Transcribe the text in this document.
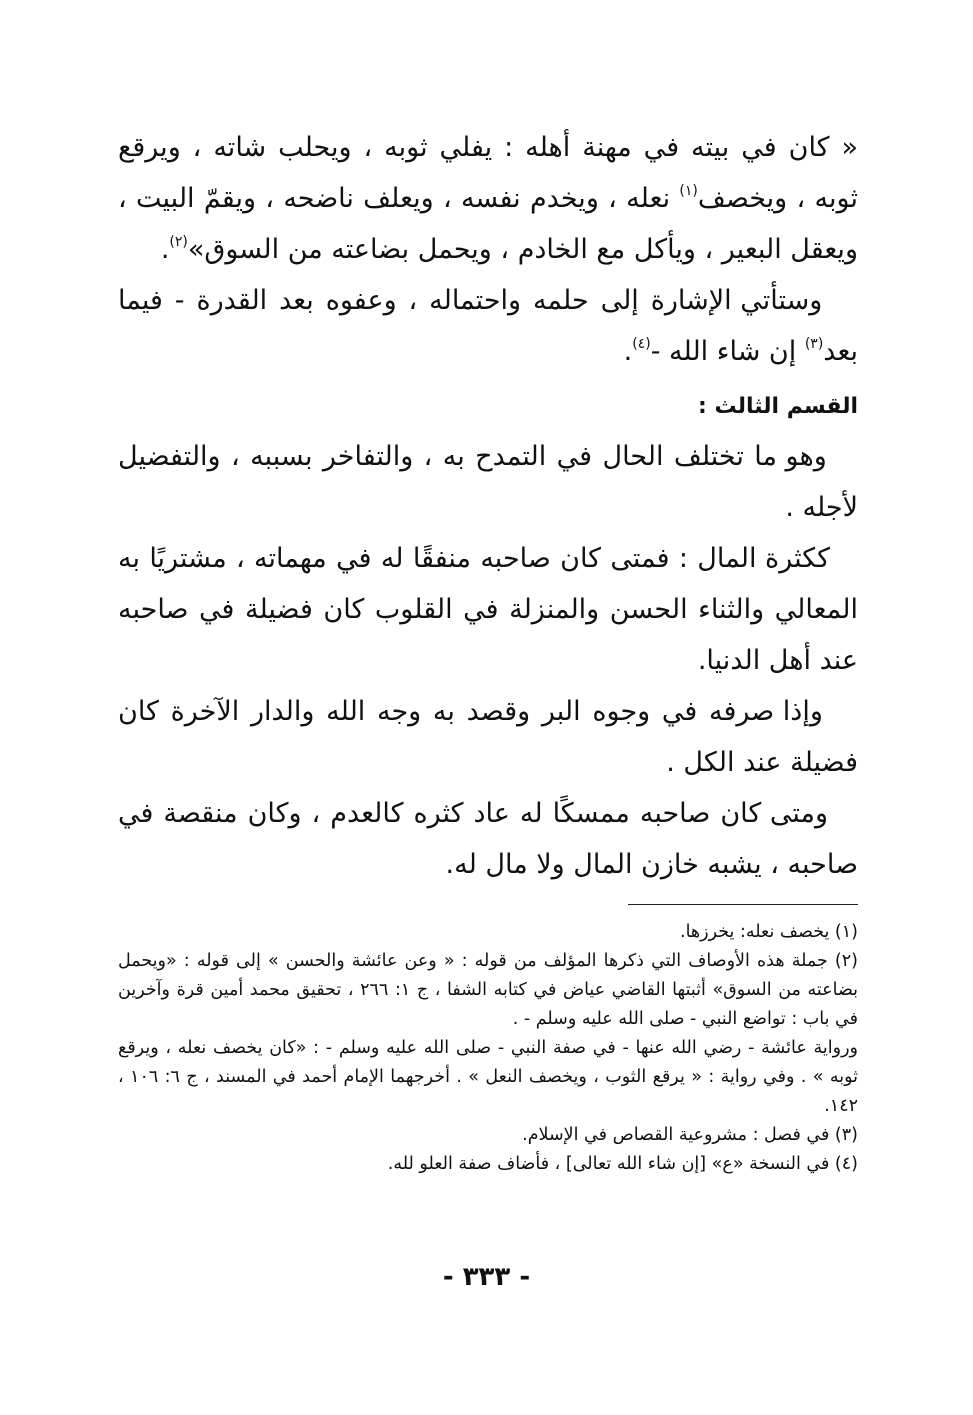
« كان في بيته في مهنة أهله : يفلي ثوبه ، ويحلب شاته ، ويرقع ثوبه ، ويخصف$^{(١)}$ نعله ، ويخدم نفسه ، ويعلف ناضحه ، ويقمّ البيت ، ويعقل البعير ، ويأكل مع الخادم ، ويحمل بضاعته من السوق»$^{(٢)}$.

وستأتي الإشارة إلى حلمه واحتماله ، وعفوه بعد القدرة - فيما بعد$^{(٣)}$ إن شاء الله -$^{(٤)}$.

القسم الثالث :

وهو ما تختلف الحال في التمدح به ، والتفاخر بسببه ، والتفضيل لأجله .

ككثرة المال : فمتى كان صاحبه منفقًا له في مهماته ، مشتريًا به المعالي والثناء الحسن والمنزلة في القلوب كان فضيلة في صاحبه عند أهل الدنيا.

وإذا صرفه في وجوه البر وقصد به وجه الله والدار الآخرة كان فضيلة عند الكل .

ومتى كان صاحبه ممسكًا له عاد كثره كالعدم ، وكان منقصة في صاحبه ، يشبه خازن المال ولا مال له.

(١) يخصف نعله: يخرزها.

(٢) جملة هذه الأوصاف التي ذكرها المؤلف من قوله : « وعن عائشة والحسن » إلى قوله : «ويحمل بضاعته من السوق» أثبتها القاضي عياض في كتابه الشفا ، ج ١: ٢٦٦ ، تحقيق محمد أمين قرة وآخرين في باب : تواضع النبي - صلى الله عليه وسلم - .

ورواية عائشة - رضي الله عنها - في صفة النبي - صلى الله عليه وسلم - : «كان يخصف نعله ، ويرقع ثوبه » . وفي رواية : « يرقع الثوب ، ويخصف النعل » . أخرجهما الإمام أحمد في المسند ، ج ٦: ١٠٦ ، ١٤٢.

(٣) في فصل : مشروعية القصاص في الإسلام.

(٤) في النسخة «ع» [إن شاء الله تعالى] ، فأضاف صفة العلو لله.

- ٣٣٣ -
